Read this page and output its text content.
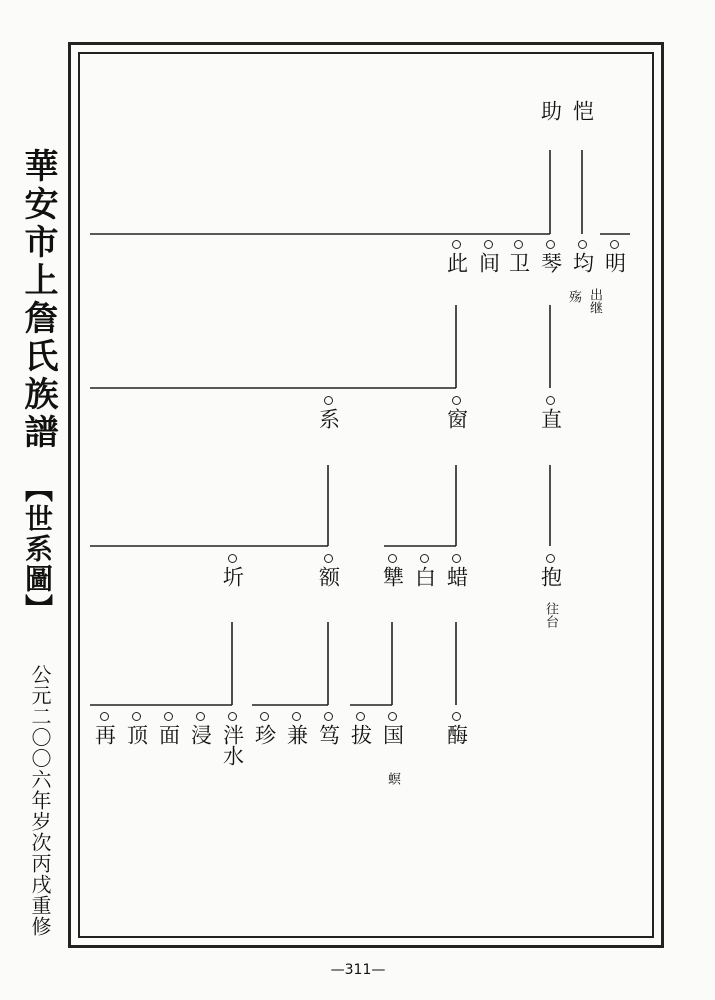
華安市上詹氏族譜
【世系圖】
公元二〇〇六年岁次丙戌重修
助 恺
此 间 卫 琴 均 明
殇 出继
系	窗	直
圻	额 犨 白 蜡	抱
往台
再 顶 面 浸 泮水 珍 兼 笃 拔 国 酶
螟
—311—
